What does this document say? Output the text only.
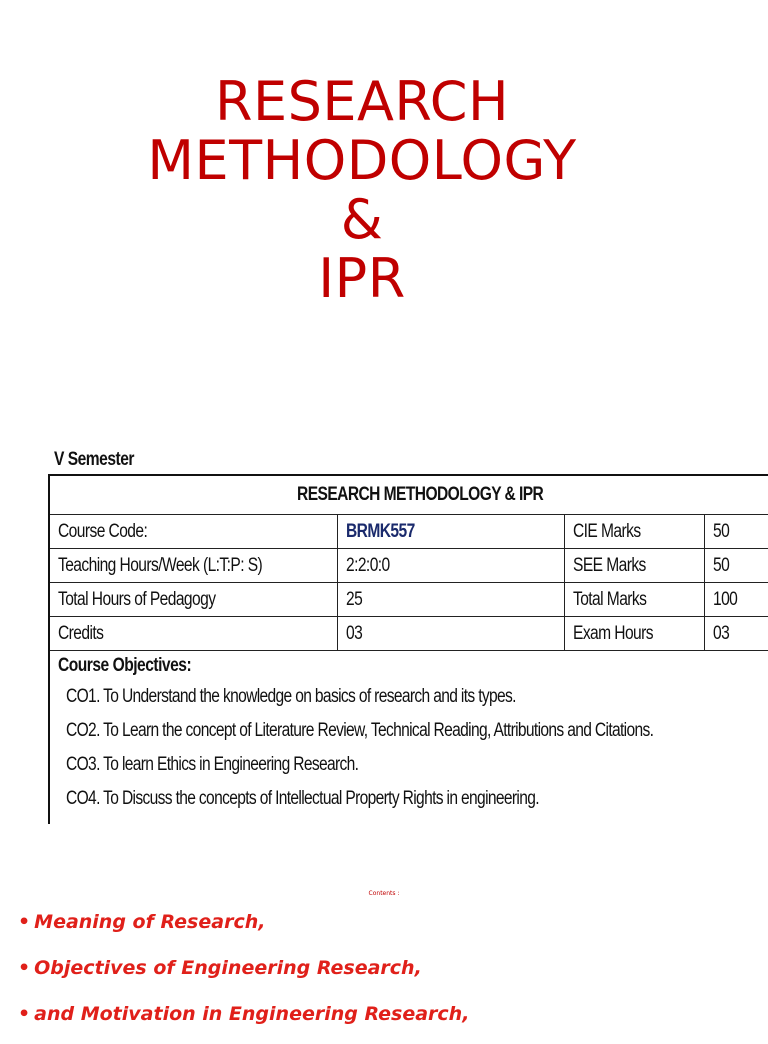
RESEARCH
METHODOLOGY
&
IPR
V Semester
RESEARCH METHODOLOGY & IPR			
Course Code:	BRMK557	CIE Marks	50
Teaching Hours/Week (L:T:P: S)	2:2:0:0	SEE Marks	50
Total Hours of Pedagogy	25	Total Marks	100
Credits	03	Exam Hours	03
Course Objectives:
CO1. To Understand the knowledge on basics of research and its types.
CO2. To Learn the concept of Literature Review, Technical Reading, Attributions and Citations.
CO3. To learn Ethics in Engineering Research.
CO4. To Discuss the concepts of Intellectual Property Rights in engineering.			
Contents :
• Meaning of Research,
• Objectives of Engineering Research,
• and Motivation in Engineering Research,
